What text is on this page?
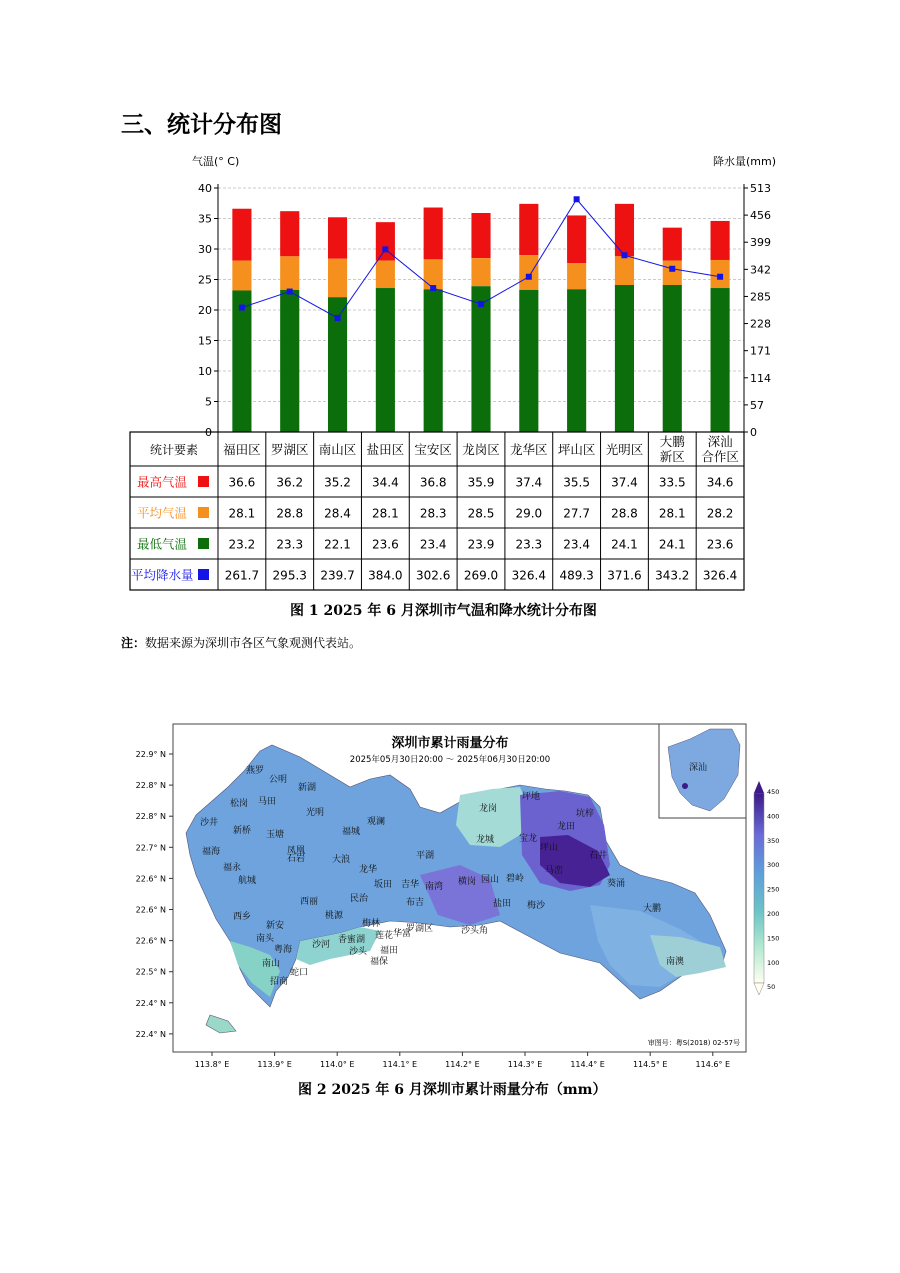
三、统计分布图
0
5
10
15
20
25
30
35
40
0
57
114
171
228
285
342
399
456
513
气温(° C)	降水量(mm)
统计要素 福田区 罗湖区 南山区 盐田区 宝安区 龙岗区 龙华区 坪山区 光明区
大鹏
新区
深汕
合作区
最高气温	36.6 36.2 35.2 34.4 36.8 35.9 37.4 35.5 37.4 33.5 34.6
平均气温	28.1 28.8 28.4 28.1 28.3 28.5 29.0 27.7 28.8 28.1 28.2
最低气温	23.2 23.3 22.1 23.6 23.4 23.9 23.3 23.4 24.1 24.1 23.6
平均降水量	261.7 295.3 239.7 384.0 302.6 269.0 326.4 489.3 371.6 343.2 326.4
图 1 2025 年 6 月深圳市气温和降水统计分布图
注：数据来源为深圳市各区气象观测代表站。
深汕
深圳市累计雨量分布
2025年05月30日20:00 ～ 2025年06月30日20:00
审图号：粤S(2018) 02-57号
450
400
350
300
250
200
150
100
50
22.9° N
22.8° N
22.8° N
22.7° N
22.6° N
22.6° N
22.6° N
22.5° N
22.4° N
22.4° N
113.8° E	113.9° E	114.0° E	114.1° E	114.2° E	114.3° E	114.4° E	114.5° E	114.6° E
燕罗
公明
松岗 马田
新湖
沙井
光明
新桥 玉塘
凤凰
福城
观澜
福海
石岩	大浪	平湖
福永
航城
龙华
坂田 吉华 南湾 横岗 园山 碧岭
马峦
葵涌
西乡
西丽	民治	布吉	盐田 梅沙	大鹏
桃源
新安	梅林
莲花 华富
罗湖区	沙头角
南头
粤海 沙河 香蜜湖
福田
沙头
福保
南山
蛇口
招商
南澳
龙岗
龙城	宝龙
坪地
坑梓
龙田
坪山
石井
图 2 2025 年 6 月深圳市累计雨量分布（mm）
